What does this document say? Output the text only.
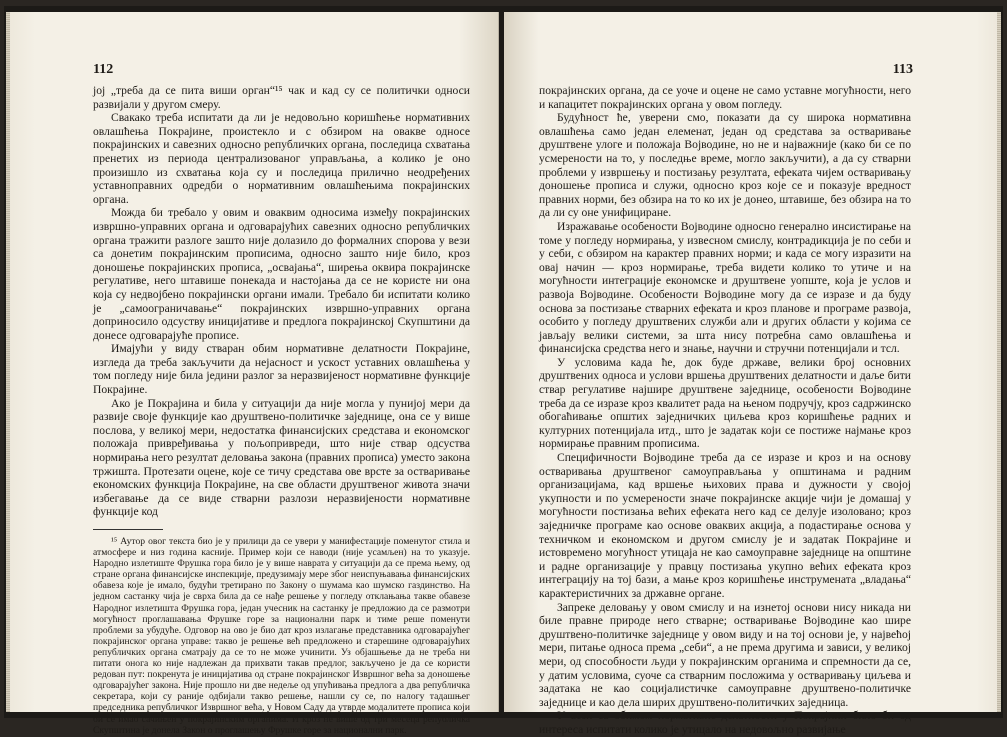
112

јој „треба да се пита виши орган“¹⁵ чак и кад су се политички односи развијали у другом смеру.

Свакако треба испитати да ли је недовољно коришћење нормативних овлашћења Покрајине, проистекло и с обзиром на овакве односе покрајинских и савезних односно републичких органа, последица схватања пренетих из периода централизованог управљања, а колико је оно произишло из схватања која су и последица прилично неодређених уставноправних одредби о нормативним овлашћењима покрајинских органа.

Можда би требало у овим и оваквим односима између покрајинских извршно-управних органа и одговарајућих савезних односно републичких органа тражити разлоге зашто није долазило до формалних спорова у вези са донетим покрајинским прописима, односно зашто није било, кроз доношење покрајинских прописа, „освајања“, ширења оквира покрајинске регулативе, него штавише понекада и настојања да се не користе ни она која су недвојбено покрајински органи имали. Требало би испитати колико је „самоограничавање“ покрајинских извршно-управних органа доприносило одсуству иницијативе и предлога покрајинској Скупштини да донесе одговарајуће прописе.

Имајући у виду стваран обим нормативне делатности Покрајине, изгледа да треба закључити да нејасност и ускост уставних овлашћења у том погледу није била једини разлог за неразвијеност нормативне функције Покрајине.

Ако је Покрајина и била у ситуацији да није могла у пунијој мери да развије своје функције као друштвено-политичке заједнице, она се у више послова, у великој мери, недостатка финансијских средстава и економског положаја привређивања у пољопривреди, што није ствар одсуства нормирања него резултат деловања закона (правних прописа) уместо закона тржишта. Протезати оцене, које се тичу средстава ове врсте за остваривање економских функција Покрајине, на све области друштвеног живота значи избегавање да се виде стварни разлози неразвијености нормативне функције код

¹⁵ Аутор овог текста био је у прилици да се увери у манифестације поменутог стила и атмосфере и низ година касније. Пример који се наводи (није усамљен) на то указује. Народно излетиште Фрушка гора било је у више наврата у ситуацији да се према њему, од стране органа финансијске инспекције, предузимају мере због неиспуњавања финансијских обавеза које је имало, будући третирано по Закону о шумама као шумско газдинство. На једном састанку чија је сврха била да се нађе решење у погледу отклањања такве обавезе Народног излетишта Фрушка гора, један учесник на састанку је предложио да се размотри могућност проглашавања Фрушке горе за национални парк и тиме реше поменути проблеми за убудуће. Одговор на ово је био дат кроз излагање представника одговарајућег покрајинског органа управе: такво је решење већ предложено и старешине одговарајућих републичких органа сматрају да се то не може учинити. Уз објашњење да не треба ни питати онога ко није надлежан да прихвати такав предлог, закључено је да се користи редован пут: покренута је иницијатива од стране покрајинског Извршног већа за доношење одговарајућег закона. Није прошло ни две недеље од упућивања предлога а два републичка секретара, који су раније одбијали такво решење, нашли су се, по налогу тадашњег председника републичког Извршног већа, у Новом Саду да утврде модалитете прописа који би се имао сачињен у покрајинским органима. И кроз не више од три месеца републичка Скупштина је донела Закон о проглашењу Фрушке горе за национални парк.

113

покрајинских органа, да се уоче и оцене не само уставне могућности, него и капацитет покрајинских органа у овом погледу.

Будућност ће, уверени смо, показати да су широка нормативна овлашћења само један елеменат, један од средстава за остваривање друштвене улоге и положаја Војводине, но не и најважније (како би се по усмерености на то, у последње време, могло закључити), а да су стварни проблеми у извршењу и постизању резултата, ефеката чијем остваривању доношење прописа и служи, односно кроз које се и показује вредност правних норми, без обзира на то ко их је донео, штавише, без обзира на то да ли су оне унифициране.

Изражавање особености Војводине односно генерално инсистирање на томе у погледу нормирања, у извесном смислу, контрадикција је по себи и у себи, с обзиром на карактер правних норми; и када се могу изразити на овај начин — кроз нормирање, треба видети колико то утиче и на могућности интеграције економске и друштвене уопште, која је услов и развоја Војводине. Особености Војводине могу да се изразе и да буду основа за постизање стварних ефеката и кроз планове и програме развоја, особито у погледу друштвених служби али и других области у којима се јављају велики системи, за шта нису потребна само овлашћења и финансијска средства него и знање, научни и стручни потенцијали и тсл.

У условима када ће, док буде државе, велики број основних друштвених односа и услови вршења друштвених делатности и даље бити ствар регулативе најшире друштвене заједнице, особености Војводине треба да се изразе кроз квалитет рада на њеном подручју, кроз садржинско обогаћивање општих заједничких циљева кроз коришћење радних и културних потенцијала итд., што је задатак који се постиже најмање кроз нормирање правним прописима.

Специфичности Војводине треба да се изразе и кроз и на основу остваривања друштвеног самоуправљања у општинама и радним организацијама, кад вршење њихових права и дужности у својој укупности и по усмерености значе покрајинске акције чији је домашај у могућности постизања већих ефеката него кад се делује изоловано; кроз заједничке програме као основе оваквих акција, а подастирање основа у техничком и економском и другом смислу је и задатак Покрајине и истовремено могућност утицаја не као самоуправне заједнице на општине и радне организације у правцу постизања укупно већих ефеката кроз интеграцију на тој бази, а мање кроз коришћење инструмената „владања“ карактеристичних за државне органе.

Запреке деловању у овом смислу и на изнетој основи нису никада ни биле правне природе него стварне; остваривање Војводине као шире друштвено-политичке заједнице у овом виду и на тој основи је, у највећој мери, питање односа према „себи“, а не према другима и зависи, у великој мери, од способности људи у покрајинским органима и спремности да се, у датим условима, суоче са стварним посложима у остваривању циљева и задатака не као социјалистичке самоуправне друштвено-политичке заједнице и као дела ширих друштвено-политичких заједница.

У вези са обимом нормативне делатности у Покрајини било би од интереса испитати колико је утицало на недовољно развијање
